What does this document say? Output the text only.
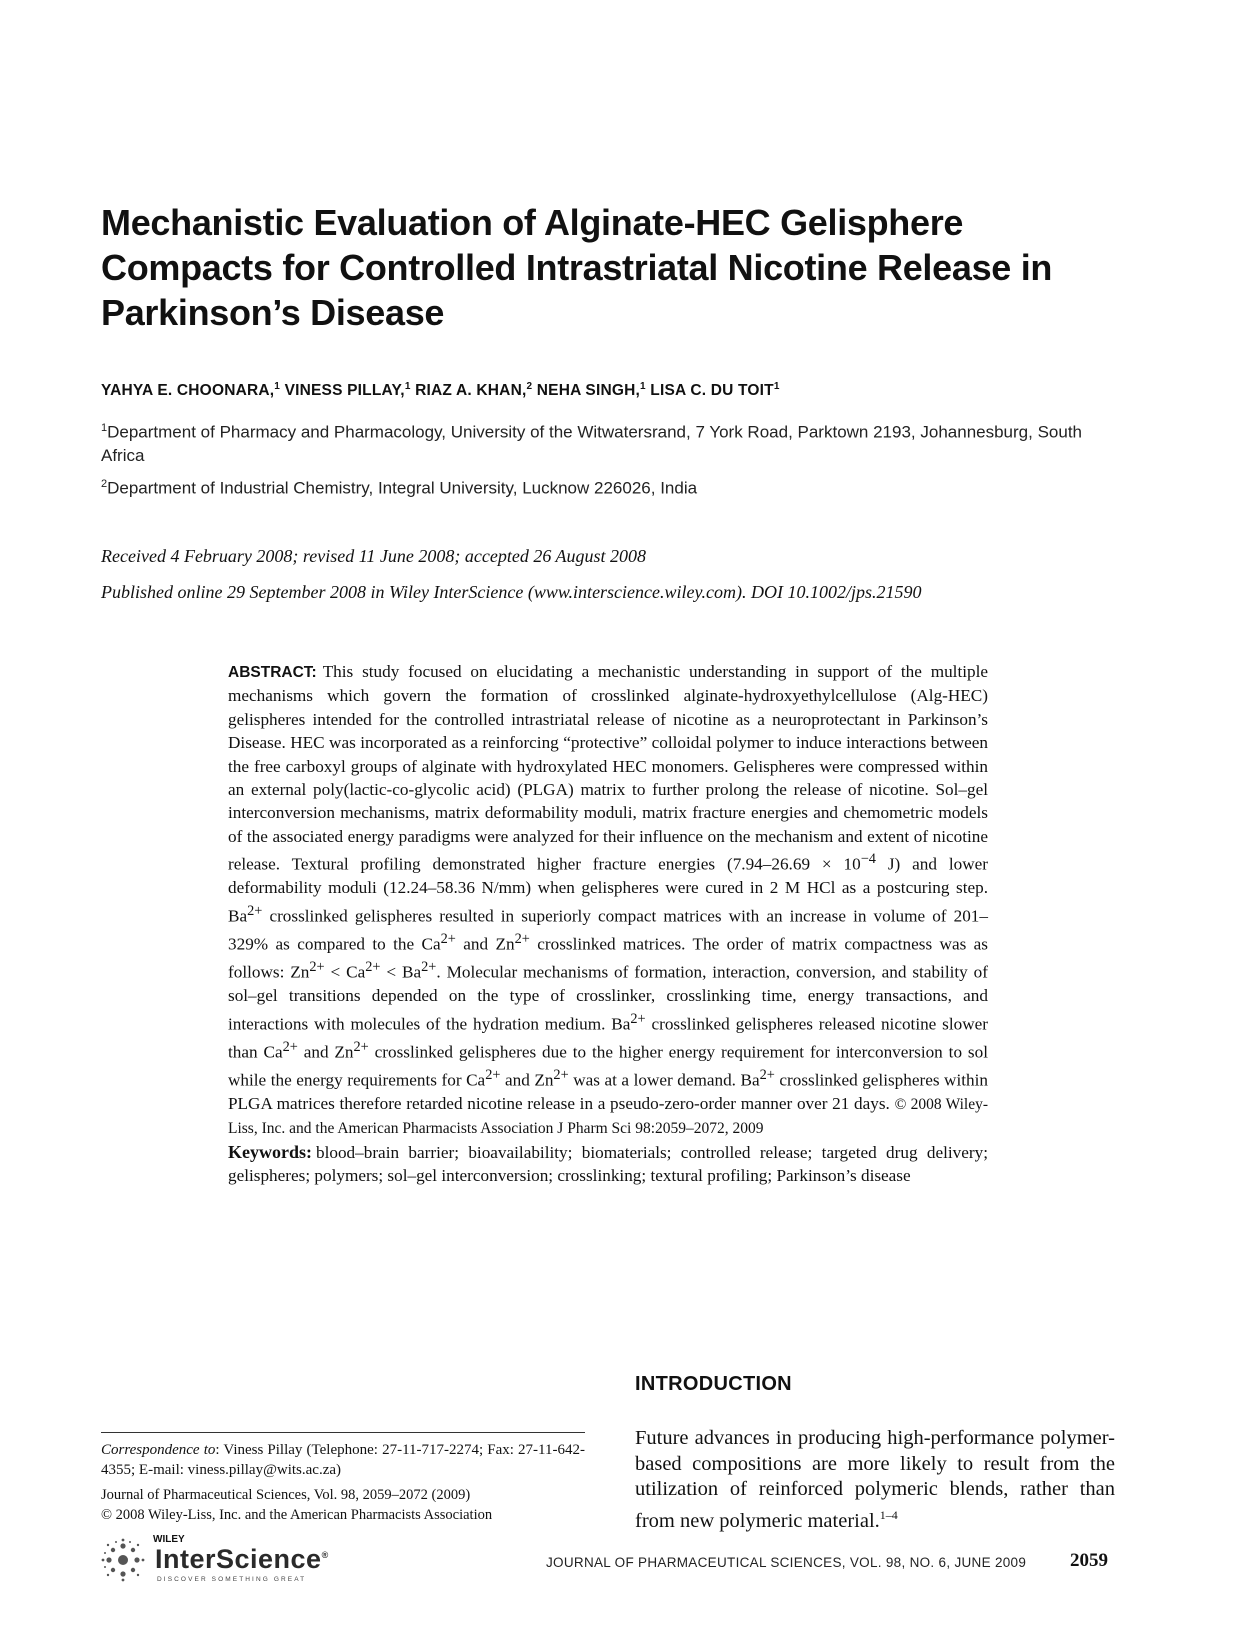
Mechanistic Evaluation of Alginate-HEC Gelisphere
Compacts for Controlled Intrastriatal Nicotine Release in
Parkinson’s Disease
YAHYA E. CHOONARA,$^1$ VINESS PILLAY,$^1$ RIAZ A. KHAN,$^2$ NEHA SINGH,$^1$ LISA C. DU TOIT$^1$
$^1$Department of Pharmacy and Pharmacology, University of the Witwatersrand, 7 York Road, Parktown 2193, Johannesburg, South Africa
$^2$Department of Industrial Chemistry, Integral University, Lucknow 226026, India
Received 4 February 2008; revised 11 June 2008; accepted 26 August 2008
Published online 29 September 2008 in Wiley InterScience (www.interscience.wiley.com). DOI 10.1002/jps.21590
ABSTRACT: This study focused on elucidating a mechanistic understanding in support of the multiple mechanisms which govern the formation of crosslinked alginate-hydroxyethylcellulose (Alg-HEC) gelispheres intended for the controlled intrastriatal release of nicotine as a neuroprotectant in Parkinson’s Disease. HEC was incorporated as a reinforcing “protective” colloidal polymer to induce interactions between the free carboxyl groups of alginate with hydroxylated HEC monomers. Gelispheres were compressed within an external poly(lactic-co-glycolic acid) (PLGA) matrix to further prolong the release of nicotine. Sol–gel interconversion mechanisms, matrix deformability moduli, matrix fracture energies and chemometric models of the associated energy paradigms were analyzed for their influence on the mechanism and extent of nicotine release. Textural profiling demonstrated higher fracture energies ($7.94-26.69 \times 10^{-4}$ J) and lower deformability moduli (12.24–58.36 N/mm) when gelispheres were cured in 2 M HCl as a postcuring step. $Ba^{2+}$ crosslinked gelispheres resulted in superiorly compact matrices with an increase in volume of 201–329% as compared to the $Ca^{2+}$ and $Zn^{2+}$ crosslinked matrices. The order of matrix compactness was as follows: $Zn^{2+} < Ca^{2+} < Ba^{2+}$. Molecular mechanisms of formation, interaction, conversion, and stability of sol–gel transitions depended on the type of crosslinker, crosslinking time, energy transactions, and interactions with molecules of the hydration medium. $Ba^{2+}$ crosslinked gelispheres released nicotine slower than $Ca^{2+}$ and $Zn^{2+}$ crosslinked gelispheres due to the higher energy requirement for interconversion to sol while the energy requirements for $Ca^{2+}$ and $Zn^{2+}$ was at a lower demand. $Ba^{2+}$ crosslinked gelispheres within PLGA matrices therefore retarded nicotine release in a pseudo-zero-order manner over 21 days. © 2008 Wiley-Liss, Inc. and the American Pharmacists Association J Pharm Sci 98:2059–2072, 2009
Keywords: blood–brain barrier; bioavailability; biomaterials; controlled release; targeted drug delivery; gelispheres; polymers; sol–gel interconversion; crosslinking; textural profiling; Parkinson’s disease
INTRODUCTION
Future advances in producing high-performance polymer-based compositions are more likely to result from the utilization of reinforced polymeric blends, rather than from new polymeric material.$^{1-4}$
Correspondence to: Viness Pillay (Telephone: 27-11-717-2274; Fax: 27-11-642-4355; E-mail: viness.pillay@wits.ac.za)
Journal of Pharmaceutical Sciences, Vol. 98, 2059–2072 (2009)
© 2008 Wiley-Liss, Inc. and the American Pharmacists Association
WILEY
InterScience®
DISCOVER SOMETHING GREAT
JOURNAL OF PHARMACEUTICAL SCIENCES, VOL. 98, NO. 6, JUNE 2009 2059
